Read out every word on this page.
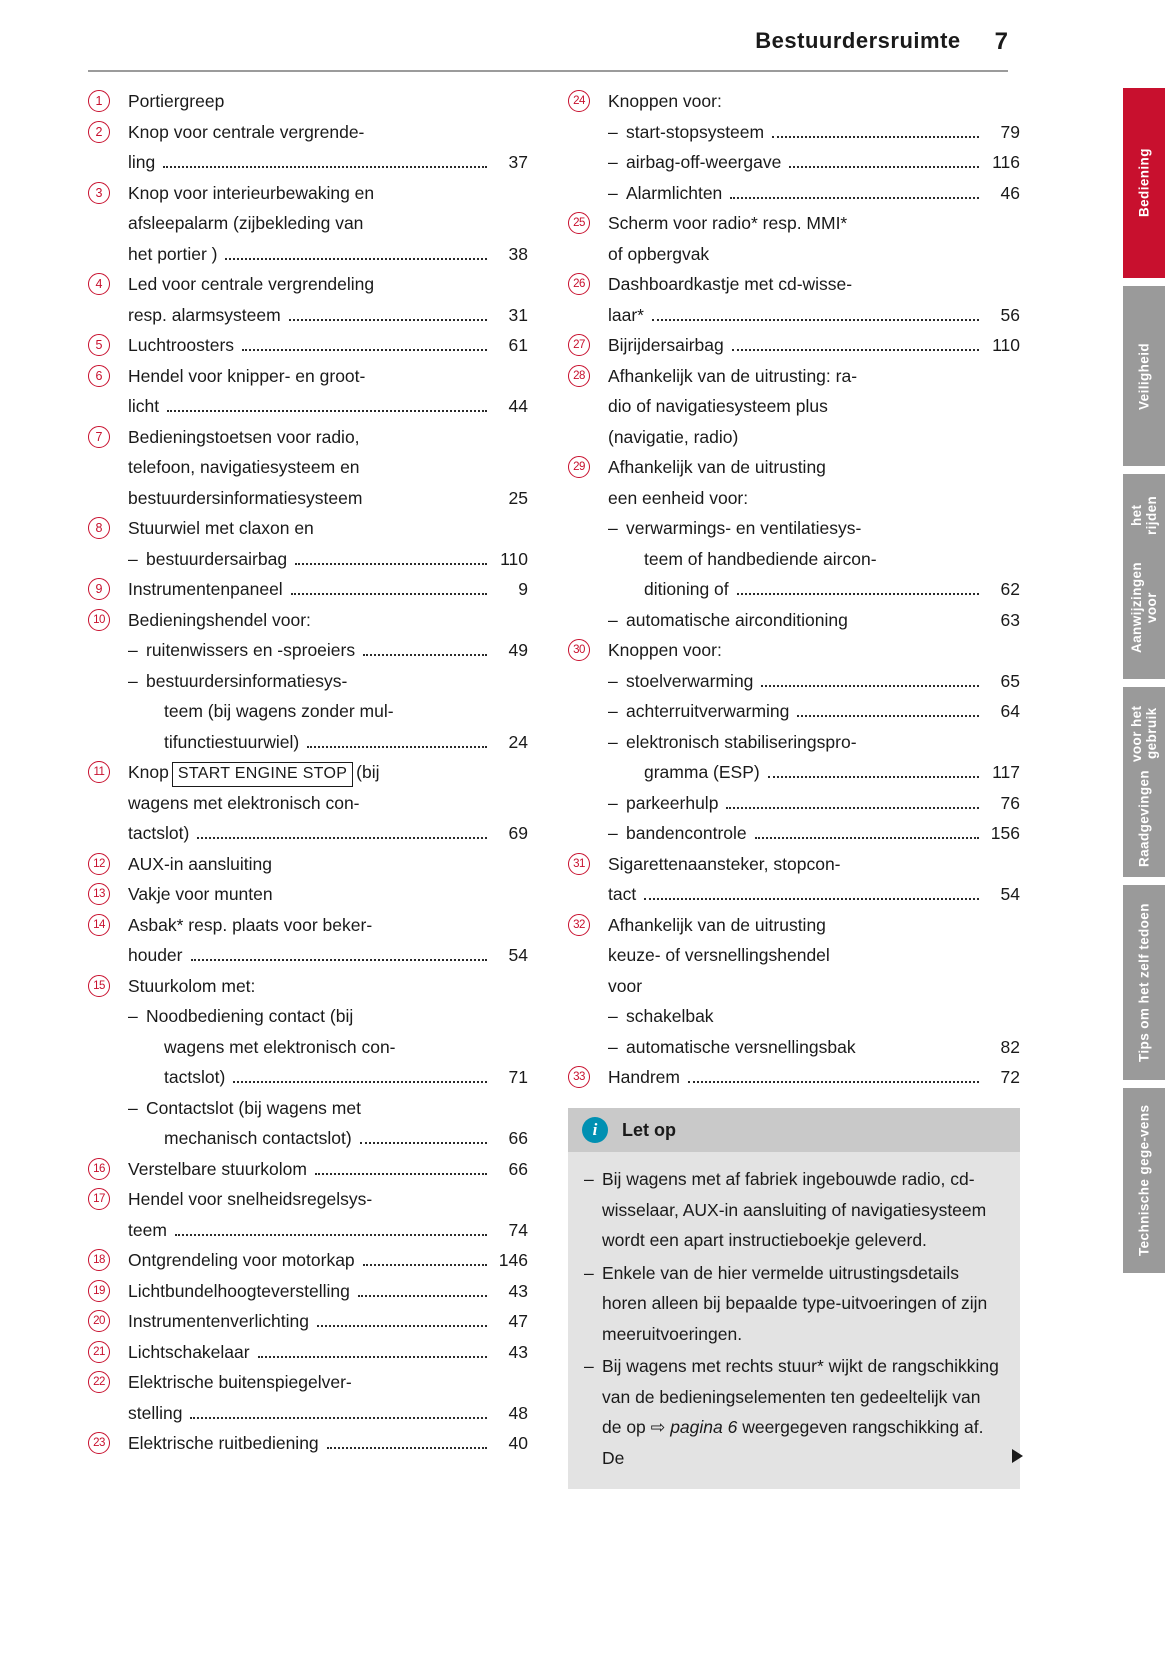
Bestuurdersruimte 7
1	Portiergreep
2	Knop voor centrale vergrende-
ling	37
3	Knop voor interieurbewaking en
afsleepalarm (zijbekleding van
het portier )	38
4	Led voor centrale vergrendeling
resp. alarmsysteem	31
5	Luchtroosters	61
6	Hendel voor knipper- en groot-
licht	44
7	Bedieningstoetsen voor radio,
telefoon, navigatiesysteem en
bestuurdersinformatiesysteem	25
8	Stuurwiel met claxon en
– bestuurdersairbag	110
9	Instrumentenpaneel	9
10 Bedieningshendel voor:
– ruitenwissers en -sproeiers	49
– bestuurdersinformatiesys-
teem (bij wagens zonder mul-
tifunctiestuurwiel)	24
11	Knop START ENGINE STOP (bij
wagens met elektronisch con-
tactslot)	69
12 AUX-in aansluiting
13 Vakje voor munten
14 Asbak* resp. plaats voor beker-
houder	54
15 Stuurkolom met:
– Noodbediening contact (bij
wagens met elektronisch con-
tactslot)	71
– Contactslot (bij wagens met
mechanisch contactslot)	66
16 Verstelbare stuurkolom	66
17 Hendel voor snelheidsregelsys-
teem	74
18 Ontgrendeling voor motorkap	146
19 Lichtbundelhoogteverstelling	43
20 Instrumentenverlichting	47
21 Lichtschakelaar	43
22 Elektrische buitenspiegelver-
stelling	48
23 Elektrische ruitbediening	40
24 Knoppen voor:
– start-stopsysteem	79
– airbag-off-weergave	116
– Alarmlichten	46
25 Scherm voor radio* resp. MMI*
of opbergvak
26 Dashboardkastje met cd-wisse-
laar*	56
27 Bijrijdersairbag	110
28 Afhankelijk van de uitrusting: ra-
dio of navigatiesysteem plus
(navigatie, radio)
29 Afhankelijk van de uitrusting
een eenheid voor:
– verwarmings- en ventilatiesys-
teem of handbediende aircon-
ditioning of	62
– automatische airconditioning	63
30 Knoppen voor:
– stoelverwarming	65
– achterruitverwarming	64
– elektronisch stabiliseringspro-
gramma (ESP)	117
– parkeerhulp	76
– bandencontrole	156
31 Sigarettenaansteker, stopcon-
tact	54
32 Afhankelijk van de uitrusting
keuze- of versnellingshendel
voor
– schakelbak
– automatische versnellingsbak	82
33 Handrem	72
i	Let op
– Bij wagens met af fabriek ingebouwde radio, cd-wisselaar, AUX-in aansluiting of navigatiesysteem wordt een apart instructieboekje geleverd.
– Enkele van de hier vermelde uitrustingsdetails horen alleen bij bepaalde type-uitvoeringen of zijn meeruitvoeringen.
– Bij wagens met rechts stuur* wijkt de rangschikking van de bedieningselementen ten gedeeltelijk van de op ⇨ pagina 6 weergegeven rangschikking af. De
Bediening
Veiligheid
Aanwijzingen voor
het rijden
Raadgevingen
voor het gebruik
Tips om het zelf te
doen
Technische gege-
vens
